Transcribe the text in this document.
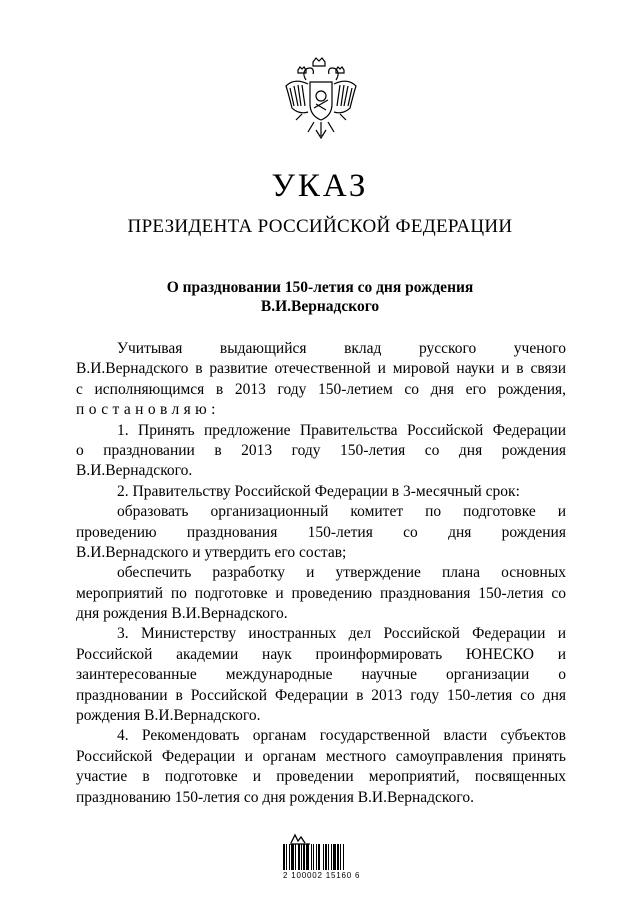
УКАЗ
ПРЕЗИДЕНТА РОССИЙСКОЙ ФЕДЕРАЦИИ
О праздновании 150-летия со дня рождения
В.И.Вернадского
Учитывая выдающийся вклад русского ученого
В.И.Вернадского в развитие отечественной и мировой науки и в связи
с исполняющимся в 2013 году 150-летием со дня его рождения,
постановляю:
1. Принять предложение Правительства Российской Федерации
о праздновании в 2013 году 150-летия со дня рождения
В.И.Вернадского.
2. Правительству Российской Федерации в 3-месячный срок:
образовать организационный комитет по подготовке и
проведению празднования 150-летия со дня рождения
В.И.Вернадского и утвердить его состав;
обеспечить разработку и утверждение плана основных
мероприятий по подготовке и проведению празднования 150-летия со
дня рождения В.И.Вернадского.
3. Министерству иностранных дел Российской Федерации и
Российской академии наук проинформировать ЮНЕСКО и
заинтересованные международные научные организации о
праздновании в Российской Федерации в 2013 году 150-летия со дня
рождения В.И.Вернадского.
4. Рекомендовать органам государственной власти субъектов
Российской Федерации и органам местного самоуправления принять
участие в подготовке и проведении мероприятий, посвященных
празднованию 150-летия со дня рождения В.И.Вернадского.
2 100002 15160 6
